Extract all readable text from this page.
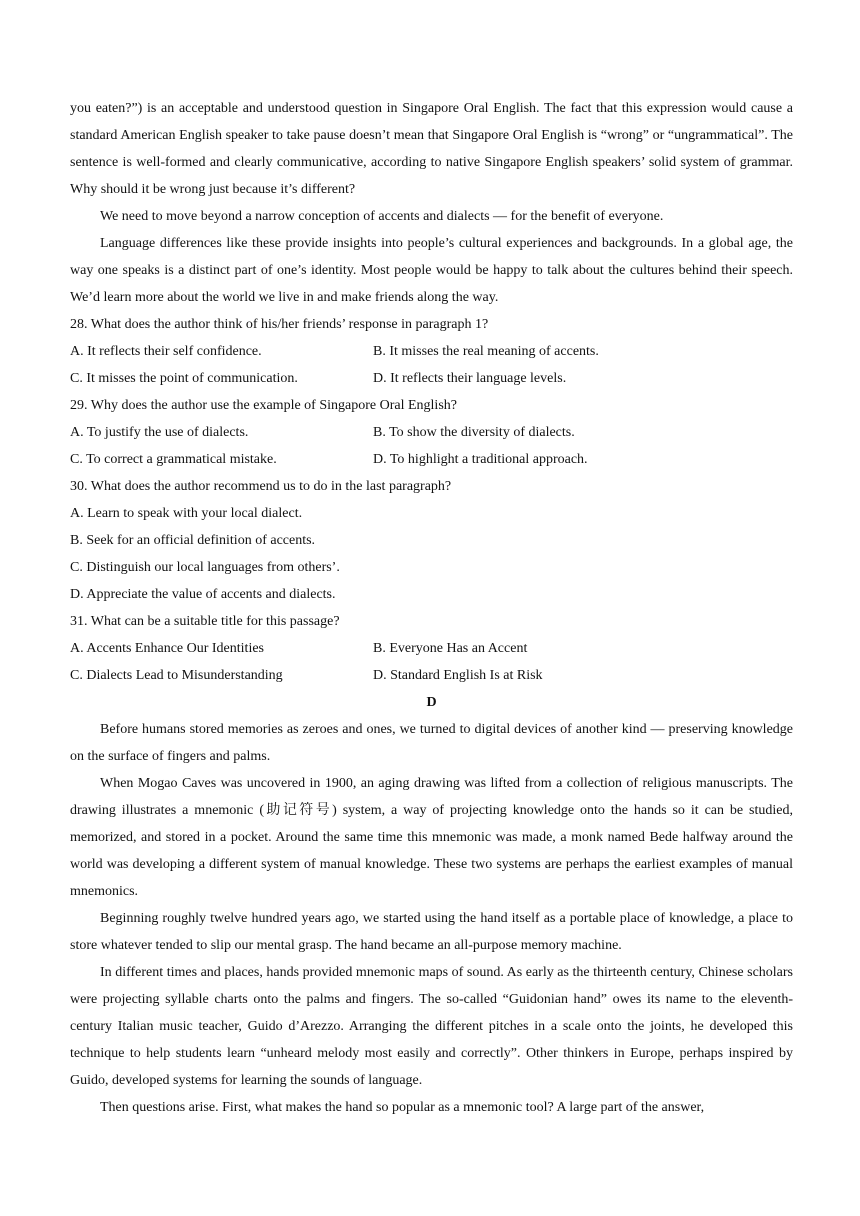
you eaten?”) is an acceptable and understood question in Singapore Oral English. The fact that this expression would cause a standard American English speaker to take pause doesn’t mean that Singapore Oral English is “wrong” or “ungrammatical”. The sentence is well-formed and clearly communicative, according to native Singapore English speakers’ solid system of grammar. Why should it be wrong just because it’s different?

We need to move beyond a narrow conception of accents and dialects — for the benefit of everyone.

Language differences like these provide insights into people’s cultural experiences and backgrounds. In a global age, the way one speaks is a distinct part of one’s identity. Most people would be happy to talk about the cultures behind their speech. We’d learn more about the world we live in and make friends along the way.

28. What does the author think of his/her friends’ response in paragraph 1?

A. It reflects their self confidence.	B. It misses the real meaning of accents.

C. It misses the point of communication.	D. It reflects their language levels.

29. Why does the author use the example of Singapore Oral English?

A. To justify the use of dialects.	B. To show the diversity of dialects.

C. To correct a grammatical mistake.	D. To highlight a traditional approach.

30. What does the author recommend us to do in the last paragraph?

A. Learn to speak with your local dialect.

B. Seek for an official definition of accents.

C. Distinguish our local languages from others’.

D. Appreciate the value of accents and dialects.

31. What can be a suitable title for this passage?

A. Accents Enhance Our Identities	B. Everyone Has an Accent

C. Dialects Lead to Misunderstanding	D. Standard English Is at Risk

D

Before humans stored memories as zeroes and ones, we turned to digital devices of another kind — preserving knowledge on the surface of fingers and palms.

When Mogao Caves was uncovered in 1900, an aging drawing was lifted from a collection of religious manuscripts. The drawing illustrates a mnemonic (助记符号) system, a way of projecting knowledge onto the hands so it can be studied, memorized, and stored in a pocket. Around the same time this mnemonic was made, a monk named Bede halfway around the world was developing a different system of manual knowledge. These two systems are perhaps the earliest examples of manual mnemonics.

Beginning roughly twelve hundred years ago, we started using the hand itself as a portable place of knowledge, a place to store whatever tended to slip our mental grasp. The hand became an all-purpose memory machine.

In different times and places, hands provided mnemonic maps of sound. As early as the thirteenth century, Chinese scholars were projecting syllable charts onto the palms and fingers. The so-called “Guidonian hand” owes its name to the eleventh-century Italian music teacher, Guido d’Arezzo. Arranging the different pitches in a scale onto the joints, he developed this technique to help students learn “unheard melody most easily and correctly”. Other thinkers in Europe, perhaps inspired by Guido, developed systems for learning the sounds of language.

Then questions arise. First, what makes the hand so popular as a mnemonic tool? A large part of the answer,
